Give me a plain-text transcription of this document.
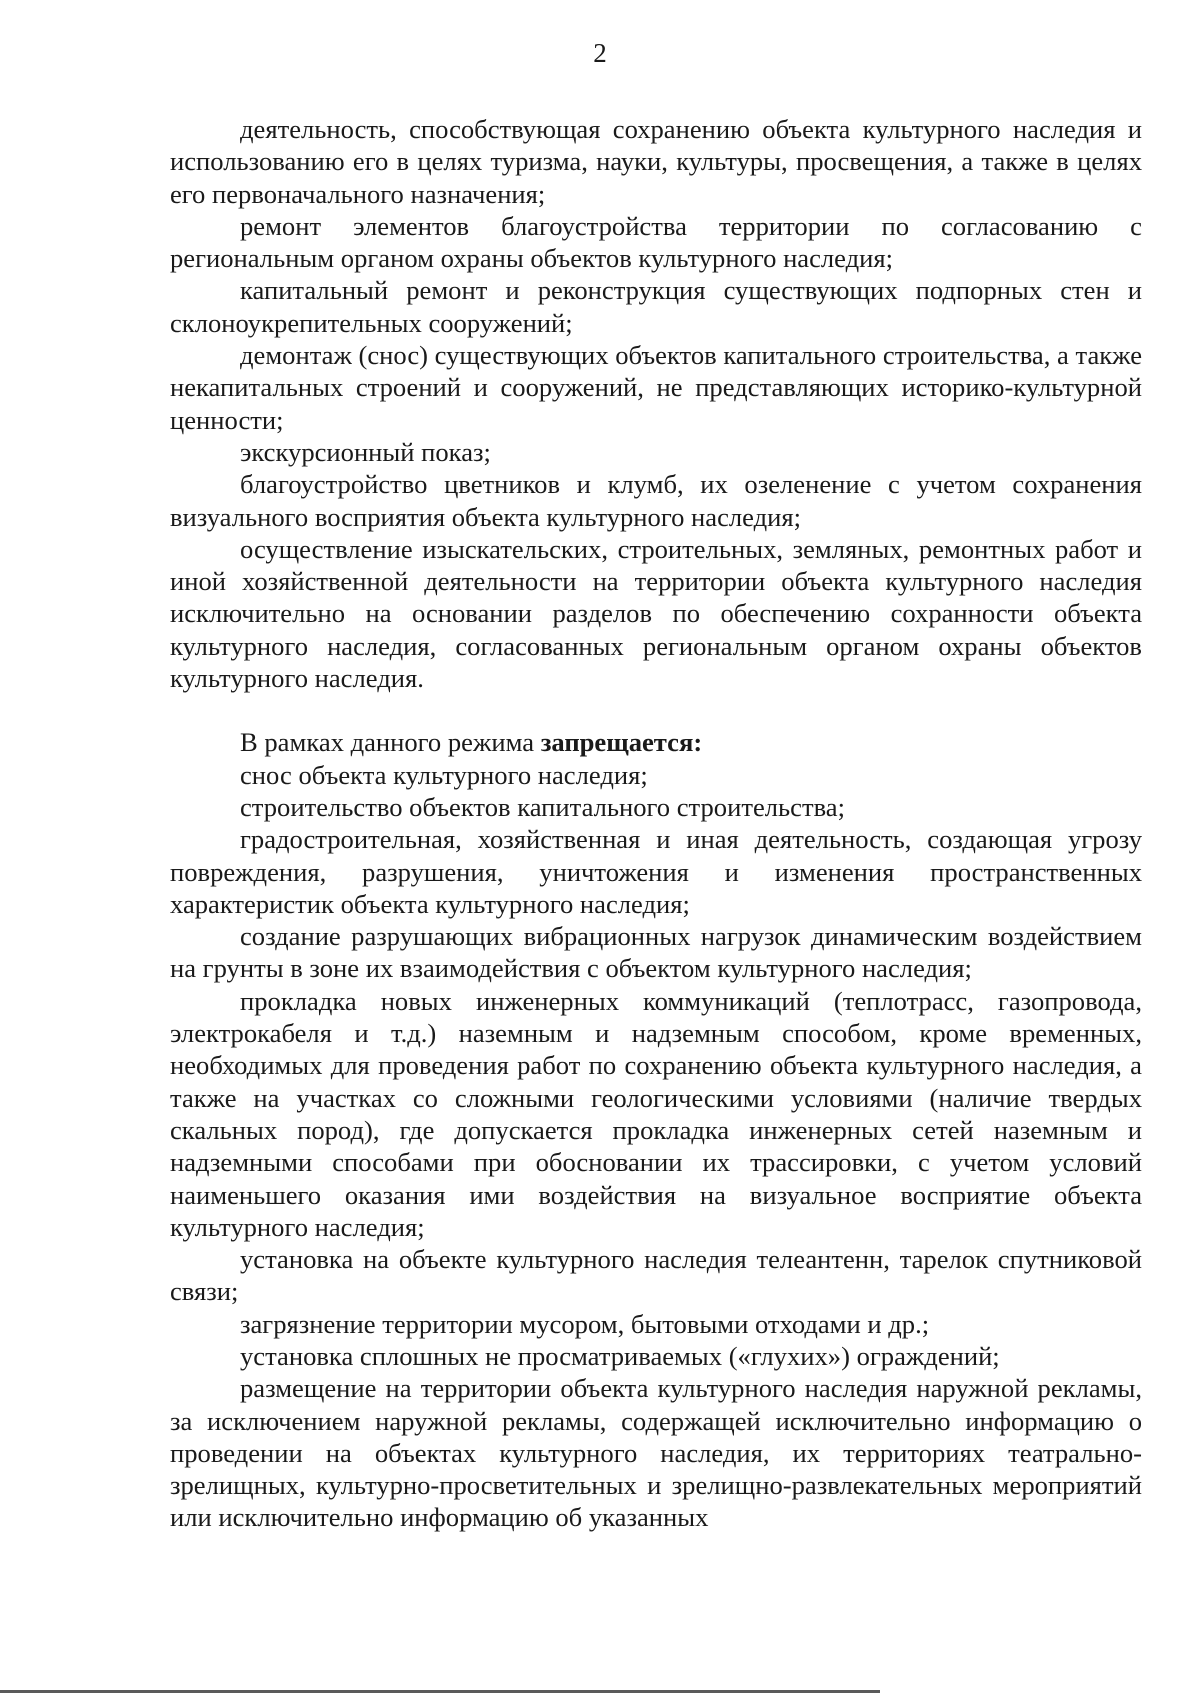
2

деятельность, способствующая сохранению объекта культурного наследия и использованию его в целях туризма, науки, культуры, просвещения, а также в целях его первоначального назначения;

ремонт элементов благоустройства территории по согласованию с региональным органом охраны объектов культурного наследия;

капитальный ремонт и реконструкция существующих подпорных стен и склоноукрепительных сооружений;

демонтаж (снос) существующих объектов капитального строительства, а также некапитальных строений и сооружений, не представляющих историко-культурной ценности;

экскурсионный показ;

благоустройство цветников и клумб, их озеленение с учетом сохранения визуального восприятия объекта культурного наследия;

осуществление изыскательских, строительных, земляных, ремонтных работ и иной хозяйственной деятельности на территории объекта культурного наследия исключительно на основании разделов по обеспечению сохранности объекта культурного наследия, согласованных региональным органом охраны объектов культурного наследия.

В рамках данного режима запрещается:

снос объекта культурного наследия;

строительство объектов капитального строительства;

градостроительная, хозяйственная и иная деятельность, создающая угрозу повреждения, разрушения, уничтожения и изменения пространственных характеристик объекта культурного наследия;

создание разрушающих вибрационных нагрузок динамическим воздействием на грунты в зоне их взаимодействия с объектом культурного наследия;

прокладка новых инженерных коммуникаций (теплотрасс, газопровода, электрокабеля и т.д.) наземным и надземным способом, кроме временных, необходимых для проведения работ по сохранению объекта культурного наследия, а также на участках со сложными геологическими условиями (наличие твердых скальных пород), где допускается прокладка инженерных сетей наземным и надземными способами при обосновании их трассировки, с учетом условий наименьшего оказания ими воздействия на визуальное восприятие объекта культурного наследия;

установка на объекте культурного наследия телеантенн, тарелок спутниковой связи;

загрязнение территории мусором, бытовыми отходами и др.;

установка сплошных не просматриваемых («глухих») ограждений;

размещение на территории объекта культурного наследия наружной рекламы, за исключением наружной рекламы, содержащей исключительно информацию о проведении на объектах культурного наследия, их территориях театрально-зрелищных, культурно-просветительных и зрелищно-развлекательных мероприятий или исключительно информацию об указанных
